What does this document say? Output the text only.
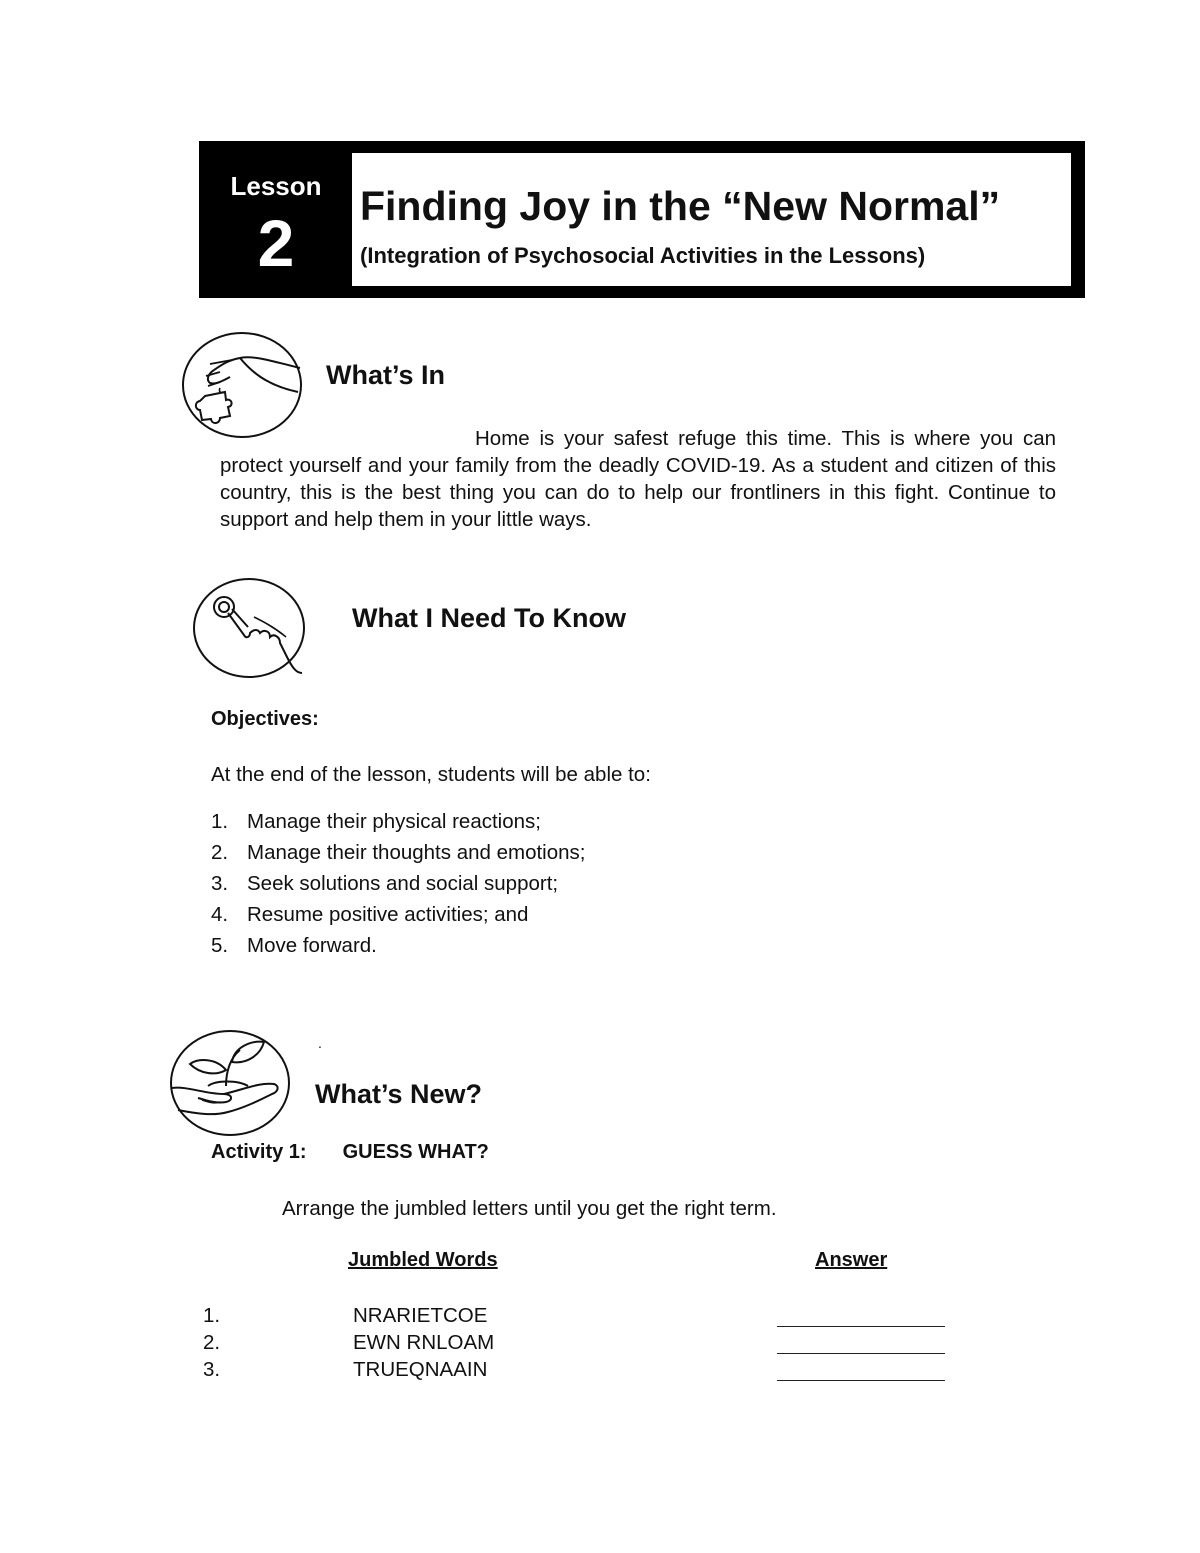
Lesson
2	Finding Joy in the “New Normal”
(Integration of Psychosocial Activities in the Lessons)
What’s In
Home is your safest refuge this time. This is where you can protect yourself and your family from the deadly COVID-19. As a student and citizen of this country, this is the best thing you can do to help our frontliners in this fight. Continue to support and help them in your little ways.
What I Need To Know
Objectives:
At the end of the lesson, students will be able to:
1. Manage their physical reactions;
2. Manage their thoughts and emotions;
3. Seek solutions and social support;
4. Resume positive activities; and
5. Move forward.
.
What’s New?
Activity 1: GUESS WHAT?
Arrange the jumbled letters until you get the right term.
Jumbled Words	Answer
1.	NRARIETCOE
2.	EWN RNLOAM
3.	TRUEQNAAIN
